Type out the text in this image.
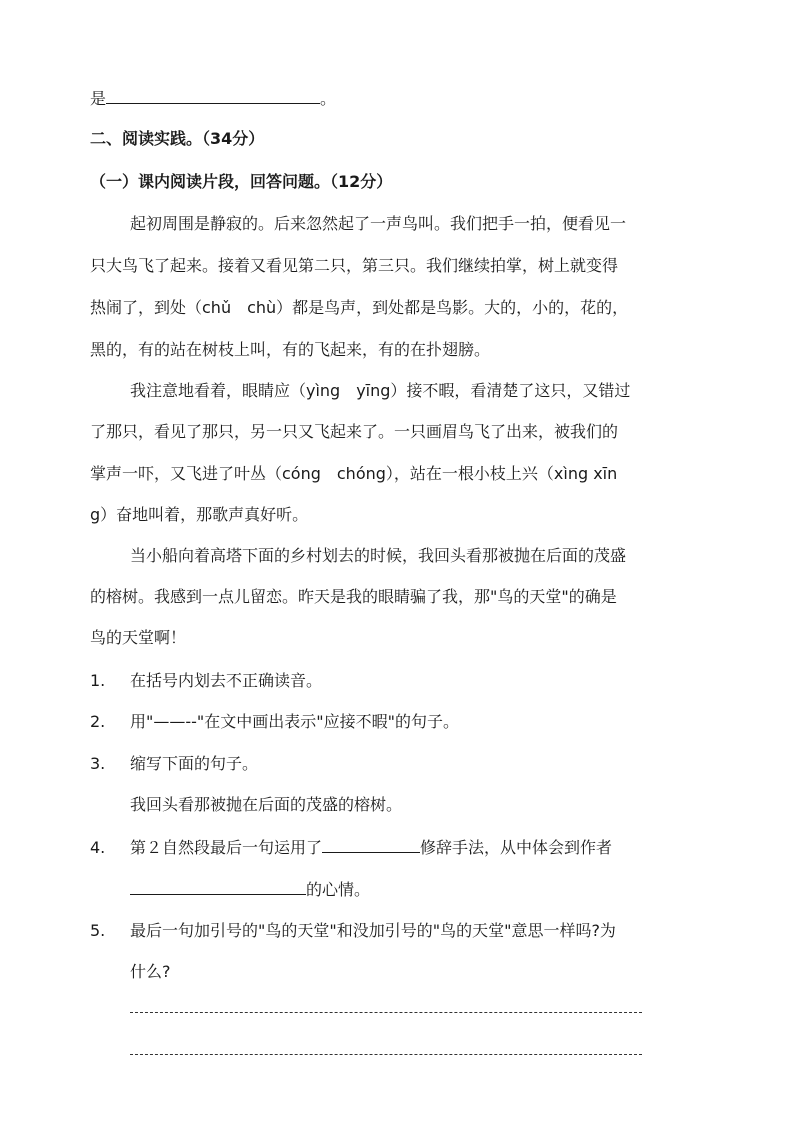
是	。
二、阅读实践。（34分）
（一）课内阅读片段，回答问题。（12分）
起初周围是静寂的。后来忽然起了一声鸟叫。我们把手一拍，便看见一
只大鸟飞了起来。接着又看见第二只，第三只。我们继续拍掌，树上就变得
热闹了，到处（chǔ　chù）都是鸟声，到处都是鸟影。大的，小的，花的，
黑的，有的站在树枝上叫，有的飞起来，有的在扑翅膀。
我注意地看着，眼睛应（yìng　yīng）接不暇，看清楚了这只，又错过
了那只，看见了那只，另一只又飞起来了。一只画眉鸟飞了出来，被我们的
掌声一吓，又飞进了叶丛（cóng　chóng），站在一根小枝上兴（xìng xīn
g）奋地叫着，那歌声真好听。
当小船向着高塔下面的乡村划去的时候，我回头看那被抛在后面的茂盛
的榕树。我感到一点儿留恋。昨天是我的眼睛骗了我，那"鸟的天堂"的确是
鸟的天堂啊！
1. 在括号内划去不正确读音。
2. 用"——--"在文中画出表示"应接不暇"的句子。
3. 缩写下面的句子。
我回头看那被抛在后面的茂盛的榕树。
4. 第２自然段最后一句运用了	修辞手法，从中体会到作者
的心情。
5. 最后一句加引号的"鸟的天堂"和没加引号的"鸟的天堂"意思一样吗?为
什么?
